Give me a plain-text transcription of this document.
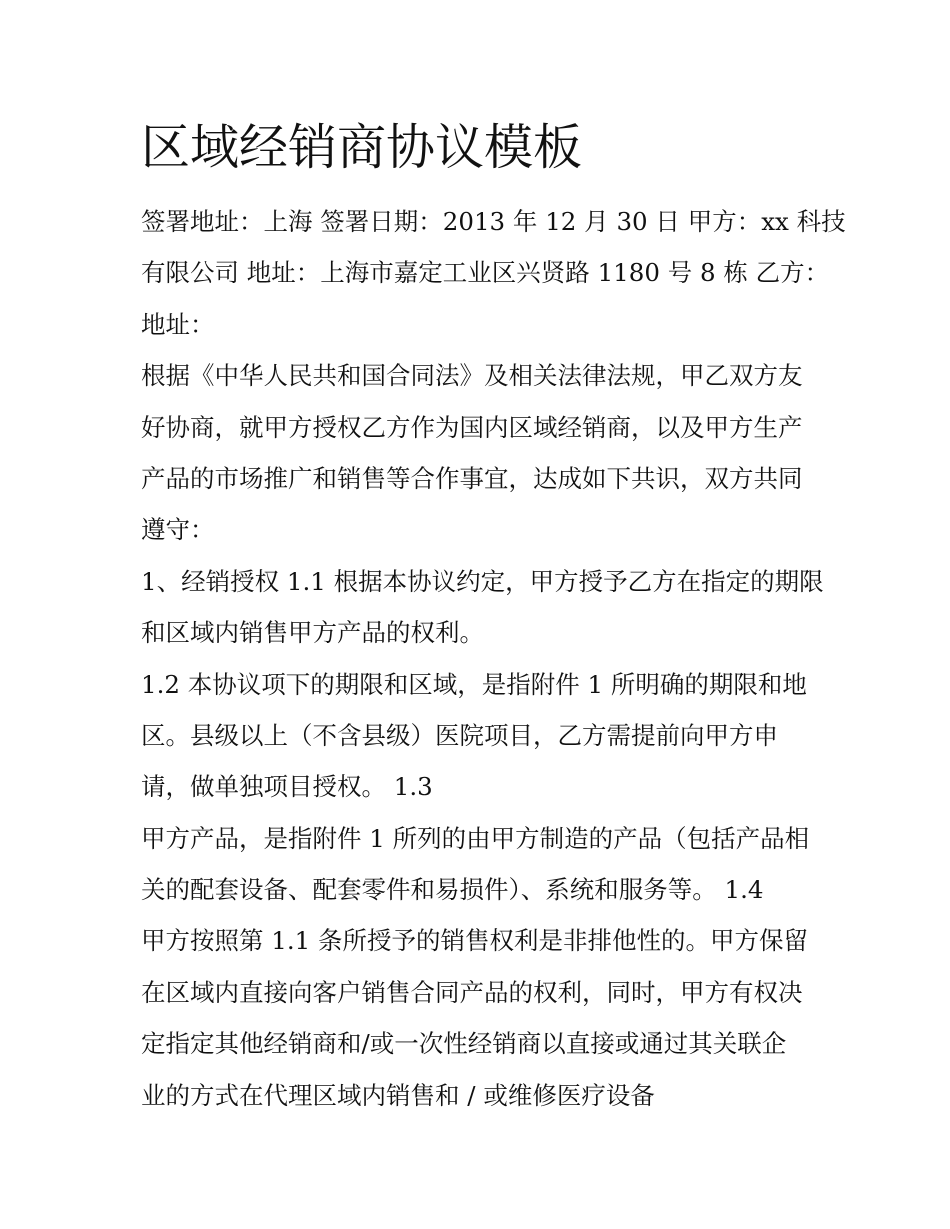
区域经销商协议模板
签署地址：上海 签署日期：2013 年 12 月 30 日 甲方：xx 科技
有限公司 地址：上海市嘉定工业区兴贤路 1180 号 8 栋 乙方：
地址：
根据《中华人民共和国合同法》及相关法律法规，甲乙双方友
好协商，就甲方授权乙方作为国内区域经销商，以及甲方生产
产品的市场推广和销售等合作事宜，达成如下共识，双方共同
遵守：
1、经销授权 1.1 根据本协议约定，甲方授予乙方在指定的期限
和区域内销售甲方产品的权利。
1.2 本协议项下的期限和区域，是指附件 1 所明确的期限和地
区。县级以上（不含县级）医院项目，乙方需提前向甲方申
请，做单独项目授权。 1.3
甲方产品，是指附件 1 所列的由甲方制造的产品（包括产品相
关的配套设备、配套零件和易损件）、系统和服务等。 1.4
甲方按照第 1.1 条所授予的销售权利是非排他性的。甲方保留
在区域内直接向客户销售合同产品的权利，同时，甲方有权决
定指定其他经销商和/或一次性经销商以直接或通过其关联企
业的方式在代理区域内销售和 / 或维修医疗设备
